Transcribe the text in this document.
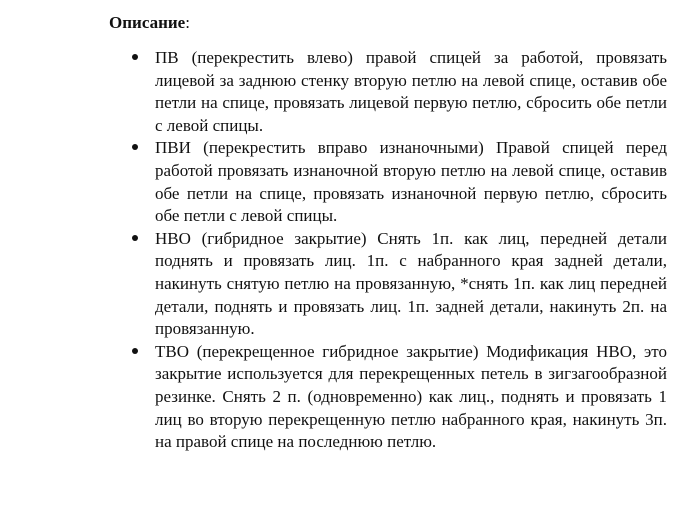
Описание:

ПВ (перекрестить влево) правой спицей за работой, провязать лицевой за заднюю стенку вторую петлю на левой спице, оставив обе петли на спице, провязать лицевой первую петлю, сбросить обе петли с левой спицы.
ПВИ (перекрестить вправо изнаночными) Правой спицей перед работой провязать изнаночной вторую петлю на левой спице, оставив обе петли на спице, провязать изнаночной первую петлю, сбросить обе петли с левой спицы.
НВО (гибридное закрытие) Снять 1п. как лиц, передней детали поднять и провязать лиц. 1п. с набранного края задней детали, накинуть снятую петлю на провязанную, *снять 1п. как лиц передней детали, поднять и провязать лиц. 1п. задней детали, накинуть 2п. на провязанную.
ТВО (перекрещенное гибридное закрытие) Модификация НВО, это закрытие используется для перекрещенных петель в зигзагообразной резинке. Снять 2 п. (одновременно) как лиц., поднять и провязать 1 лиц во вторую перекрещенную петлю набранного края, накинуть 3п. на правой спице на последнюю петлю.
